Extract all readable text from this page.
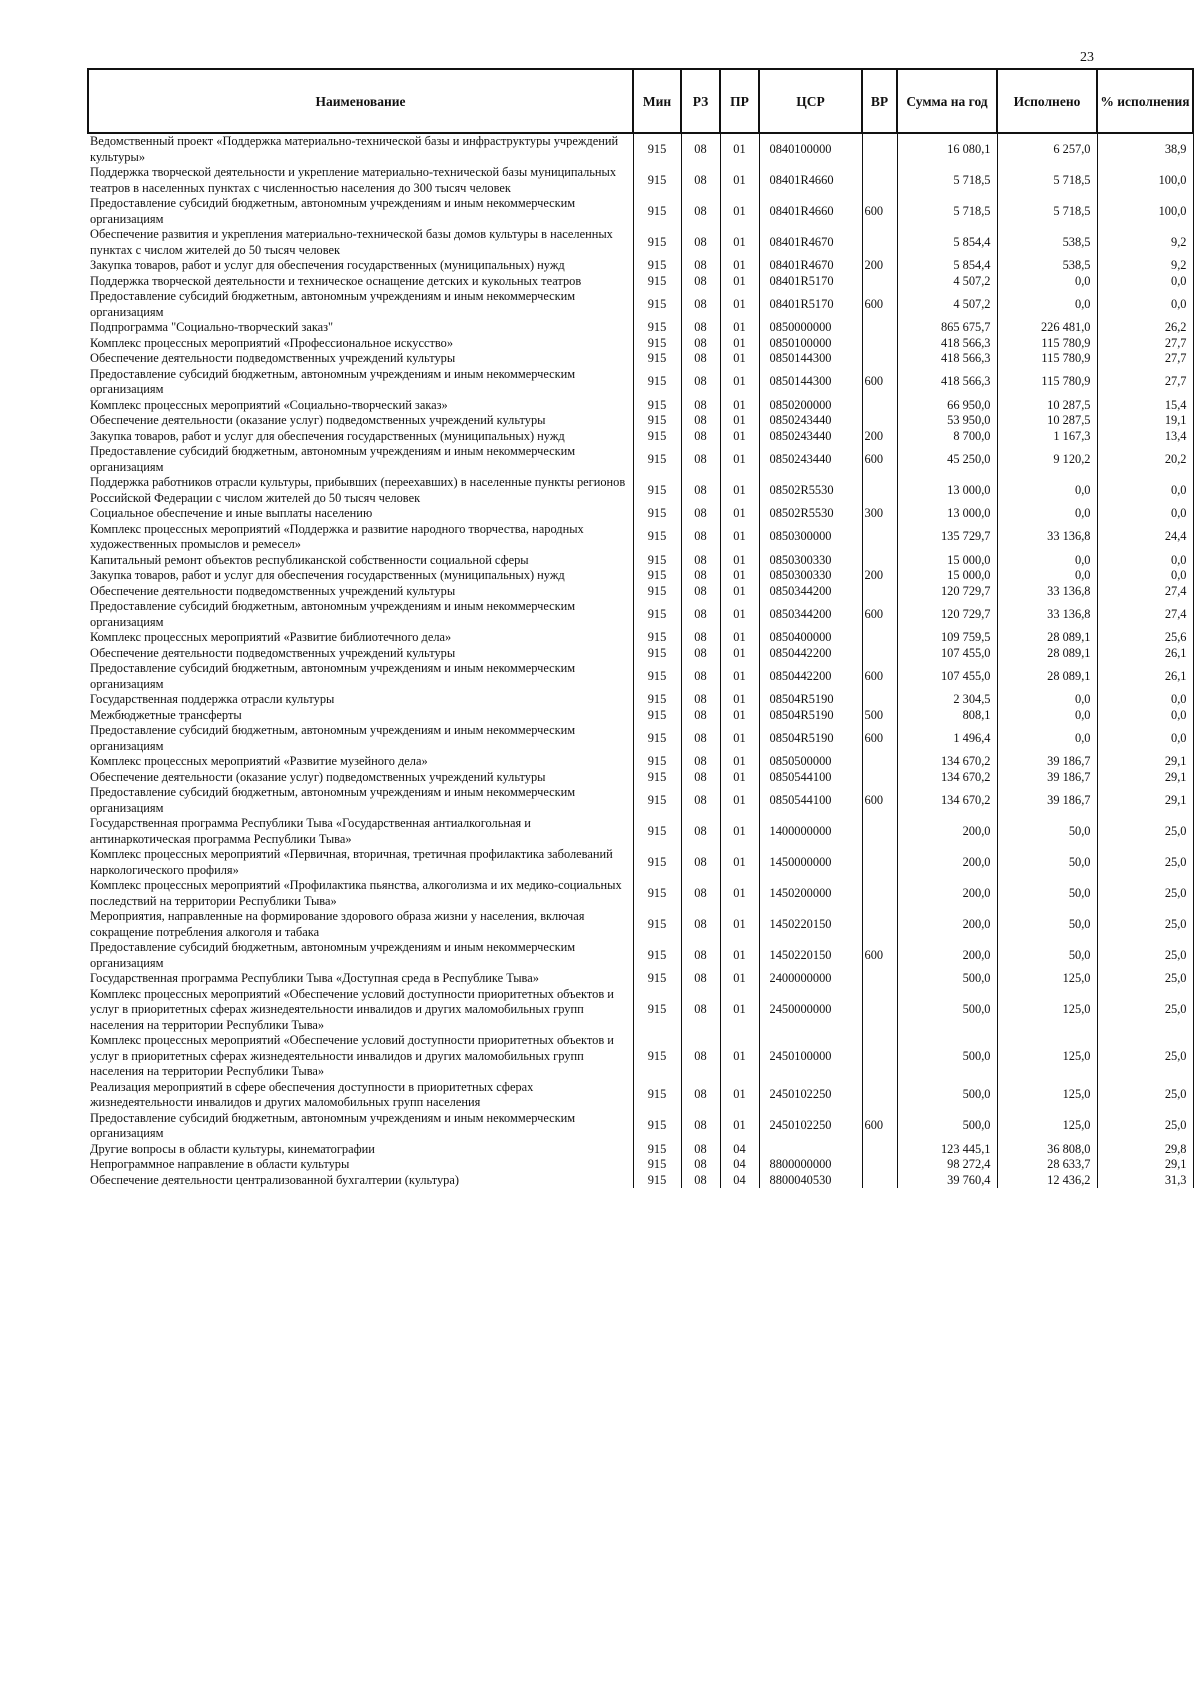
23
Наименование	Мин	РЗ	ПР	ЦСР	ВР	Сумма на год	Исполнено	% исполнения
Ведомственный проект «Поддержка материально-технической базы и инфраструктуры учреждений культуры»	915	08	01	0840100000		16 080,1	6 257,0	38,9
Поддержка творческой деятельности и укрепление материально-технической базы муниципальных театров в населенных пунктах с численностью населения до 300 тысяч человек	915	08	01	08401R4660		5 718,5	5 718,5	100,0
Предоставление субсидий бюджетным, автономным учреждениям и иным некоммерческим организациям	915	08	01	08401R4660	600	5 718,5	5 718,5	100,0
Обеспечение развития и укрепления материально-технической базы домов культуры в населенных пунктах с числом жителей до 50 тысяч человек	915	08	01	08401R4670		5 854,4	538,5	9,2
Закупка товаров, работ и услуг для обеспечения государственных (муниципальных) нужд	915	08	01	08401R4670	200	5 854,4	538,5	9,2
Поддержка творческой деятельности и техническое оснащение детских и кукольных театров	915	08	01	08401R5170		4 507,2	0,0	0,0
Предоставление субсидий бюджетным, автономным учреждениям и иным некоммерческим организациям	915	08	01	08401R5170	600	4 507,2	0,0	0,0
Подпрограмма "Социально-творческий заказ"	915	08	01	0850000000		865 675,7	226 481,0	26,2
Комплекс процессных мероприятий «Профессиональное искусство»	915	08	01	0850100000		418 566,3	115 780,9	27,7
Обеспечение деятельности подведомственных учреждений культуры	915	08	01	0850144300		418 566,3	115 780,9	27,7
Предоставление субсидий бюджетным, автономным учреждениям и иным некоммерческим организациям	915	08	01	0850144300	600	418 566,3	115 780,9	27,7
Комплекс процессных мероприятий «Социально-творческий заказ»	915	08	01	0850200000		66 950,0	10 287,5	15,4
Обеспечение деятельности (оказание услуг) подведомственных учреждений культуры	915	08	01	0850243440		53 950,0	10 287,5	19,1
Закупка товаров, работ и услуг для обеспечения государственных (муниципальных) нужд	915	08	01	0850243440	200	8 700,0	1 167,3	13,4
Предоставление субсидий бюджетным, автономным учреждениям и иным некоммерческим организациям	915	08	01	0850243440	600	45 250,0	9 120,2	20,2
Поддержка работников отрасли культуры, прибывших (переехавших) в населенные пункты регионов Российской Федерации с числом жителей до 50 тысяч человек	915	08	01	08502R5530		13 000,0	0,0	0,0
Социальное обеспечение и иные выплаты населению	915	08	01	08502R5530	300	13 000,0	0,0	0,0
Комплекс процессных мероприятий «Поддержка и развитие народного творчества, народных художественных промыслов и ремесел»	915	08	01	0850300000		135 729,7	33 136,8	24,4
Капитальный ремонт объектов республиканской собственности социальной сферы	915	08	01	0850300330		15 000,0	0,0	0,0
Закупка товаров, работ и услуг для обеспечения государственных (муниципальных) нужд	915	08	01	0850300330	200	15 000,0	0,0	0,0
Обеспечение деятельности подведомственных учреждений культуры	915	08	01	0850344200		120 729,7	33 136,8	27,4
Предоставление субсидий бюджетным, автономным учреждениям и иным некоммерческим организациям	915	08	01	0850344200	600	120 729,7	33 136,8	27,4
Комплекс процессных мероприятий «Развитие библиотечного дела»	915	08	01	0850400000		109 759,5	28 089,1	25,6
Обеспечение деятельности подведомственных учреждений культуры	915	08	01	0850442200		107 455,0	28 089,1	26,1
Предоставление субсидий бюджетным, автономным учреждениям и иным некоммерческим организациям	915	08	01	0850442200	600	107 455,0	28 089,1	26,1
Государственная поддержка отрасли культуры	915	08	01	08504R5190		2 304,5	0,0	0,0
Межбюджетные трансферты	915	08	01	08504R5190	500	808,1	0,0	0,0
Предоставление субсидий бюджетным, автономным учреждениям и иным некоммерческим организациям	915	08	01	08504R5190	600	1 496,4	0,0	0,0
Комплекс процессных мероприятий «Развитие музейного дела»	915	08	01	0850500000		134 670,2	39 186,7	29,1
Обеспечение деятельности (оказание услуг) подведомственных учреждений культуры	915	08	01	0850544100		134 670,2	39 186,7	29,1
Предоставление субсидий бюджетным, автономным учреждениям и иным некоммерческим организациям	915	08	01	0850544100	600	134 670,2	39 186,7	29,1
Государственная программа Республики Тыва «Государственная антиалкогольная и антинаркотическая программа Республики Тыва»	915	08	01	1400000000		200,0	50,0	25,0
Комплекс процессных мероприятий «Первичная, вторичная, третичная профилактика заболеваний наркологического профиля»	915	08	01	1450000000		200,0	50,0	25,0
Комплекс процессных мероприятий «Профилактика пьянства, алкоголизма и их медико-социальных последствий на территории Республики Тыва»	915	08	01	1450200000		200,0	50,0	25,0
Мероприятия, направленные на формирование здорового образа жизни у населения, включая сокращение потребления алкоголя и табака	915	08	01	1450220150		200,0	50,0	25,0
Предоставление субсидий бюджетным, автономным учреждениям и иным некоммерческим организациям	915	08	01	1450220150	600	200,0	50,0	25,0
Государственная программа Республики Тыва «Доступная среда в Республике Тыва»	915	08	01	2400000000		500,0	125,0	25,0
Комплекс процессных мероприятий «Обеспечение условий доступности приоритетных объектов и услуг в приоритетных сферах жизнедеятельности инвалидов и других маломобильных групп населения на территории Республики Тыва»	915	08	01	2450000000		500,0	125,0	25,0
Комплекс процессных мероприятий «Обеспечение условий доступности приоритетных объектов и услуг в приоритетных сферах жизнедеятельности инвалидов и других маломобильных групп населения на территории Республики Тыва»	915	08	01	2450100000		500,0	125,0	25,0
Реализация мероприятий в сфере обеспечения доступности в приоритетных сферах жизнедеятельности инвалидов и других маломобильных групп населения	915	08	01	2450102250		500,0	125,0	25,0
Предоставление субсидий бюджетным, автономным учреждениям и иным некоммерческим организациям	915	08	01	2450102250	600	500,0	125,0	25,0
Другие вопросы в области культуры, кинематографии	915	08	04			123 445,1	36 808,0	29,8
Непрограммное направление в области культуры	915	08	04	8800000000		98 272,4	28 633,7	29,1
Обеспечение деятельности централизованной бухгалтерии (культура)	915	08	04	8800040530		39 760,4	12 436,2	31,3
